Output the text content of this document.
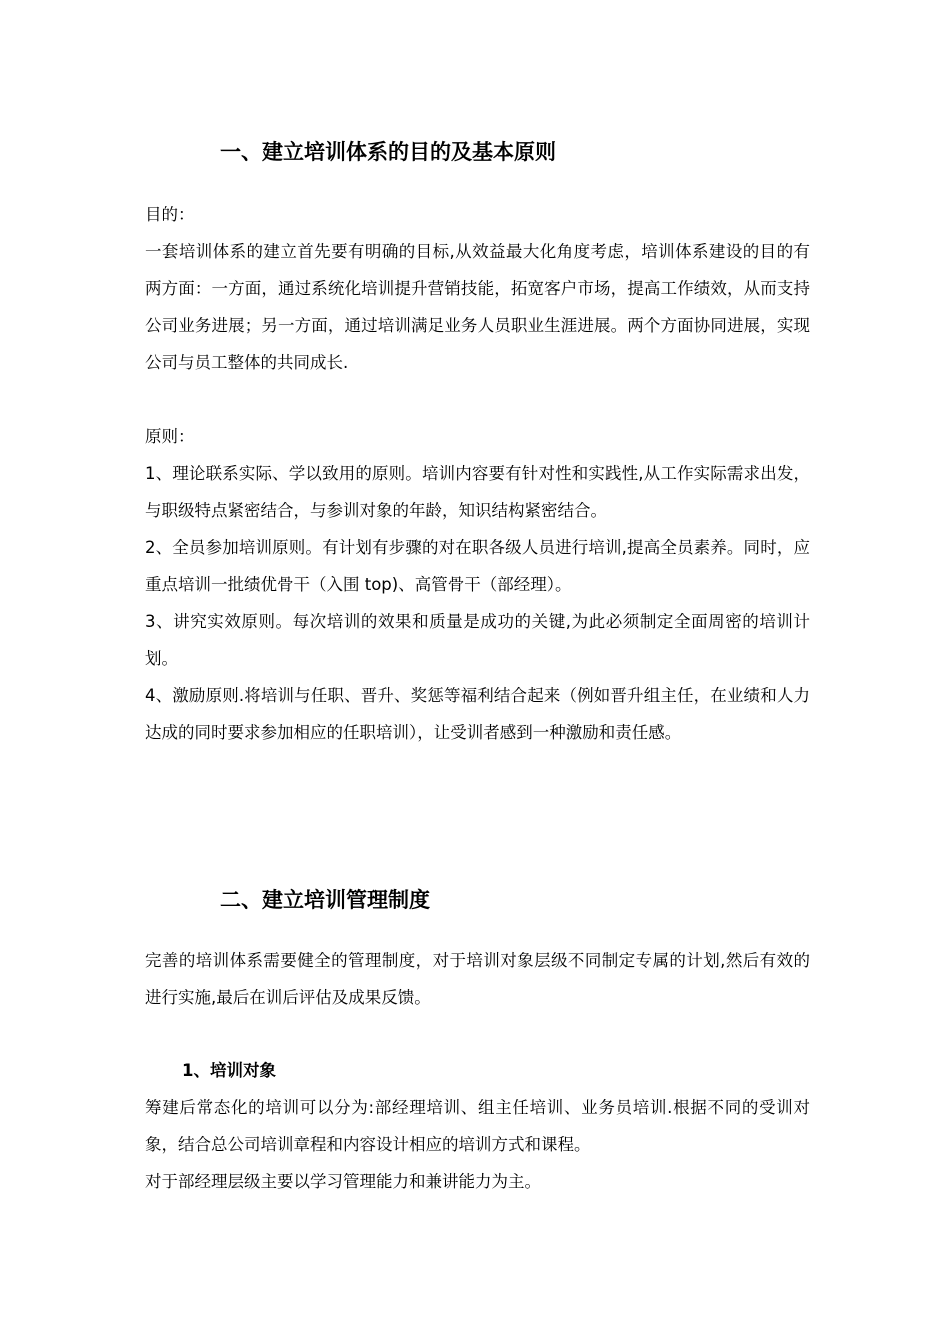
一、建立培训体系的目的及基本原则

目的：

一套培训体系的建立首先要有明确的目标,从效益最大化角度考虑，培训体系建设的目的有两方面：一方面，通过系统化培训提升营销技能，拓宽客户市场，提高工作绩效，从而支持公司业务进展；另一方面，通过培训满足业务人员职业生涯进展。两个方面协同进展，实现公司与员工整体的共同成长.

原则：

1、理论联系实际、学以致用的原则。培训内容要有针对性和实践性,从工作实际需求出发，与职级特点紧密结合，与参训对象的年龄，知识结构紧密结合。

2、全员参加培训原则。有计划有步骤的对在职各级人员进行培训,提高全员素养。同时，应重点培训一批绩优骨干（入围 top)、高管骨干（部经理）。

3、讲究实效原则。每次培训的效果和质量是成功的关键,为此必须制定全面周密的培训计划。

4、激励原则.将培训与任职、晋升、奖惩等福利结合起来（例如晋升组主任，在业绩和人力达成的同时要求参加相应的任职培训），让受训者感到一种激励和责任感。

二、建立培训管理制度

完善的培训体系需要健全的管理制度，对于培训对象层级不同制定专属的计划,然后有效的进行实施,最后在训后评估及成果反馈。

1、培训对象

筹建后常态化的培训可以分为:部经理培训、组主任培训、业务员培训.根据不同的受训对象，结合总公司培训章程和内容设计相应的培训方式和课程。

对于部经理层级主要以学习管理能力和兼讲能力为主。
